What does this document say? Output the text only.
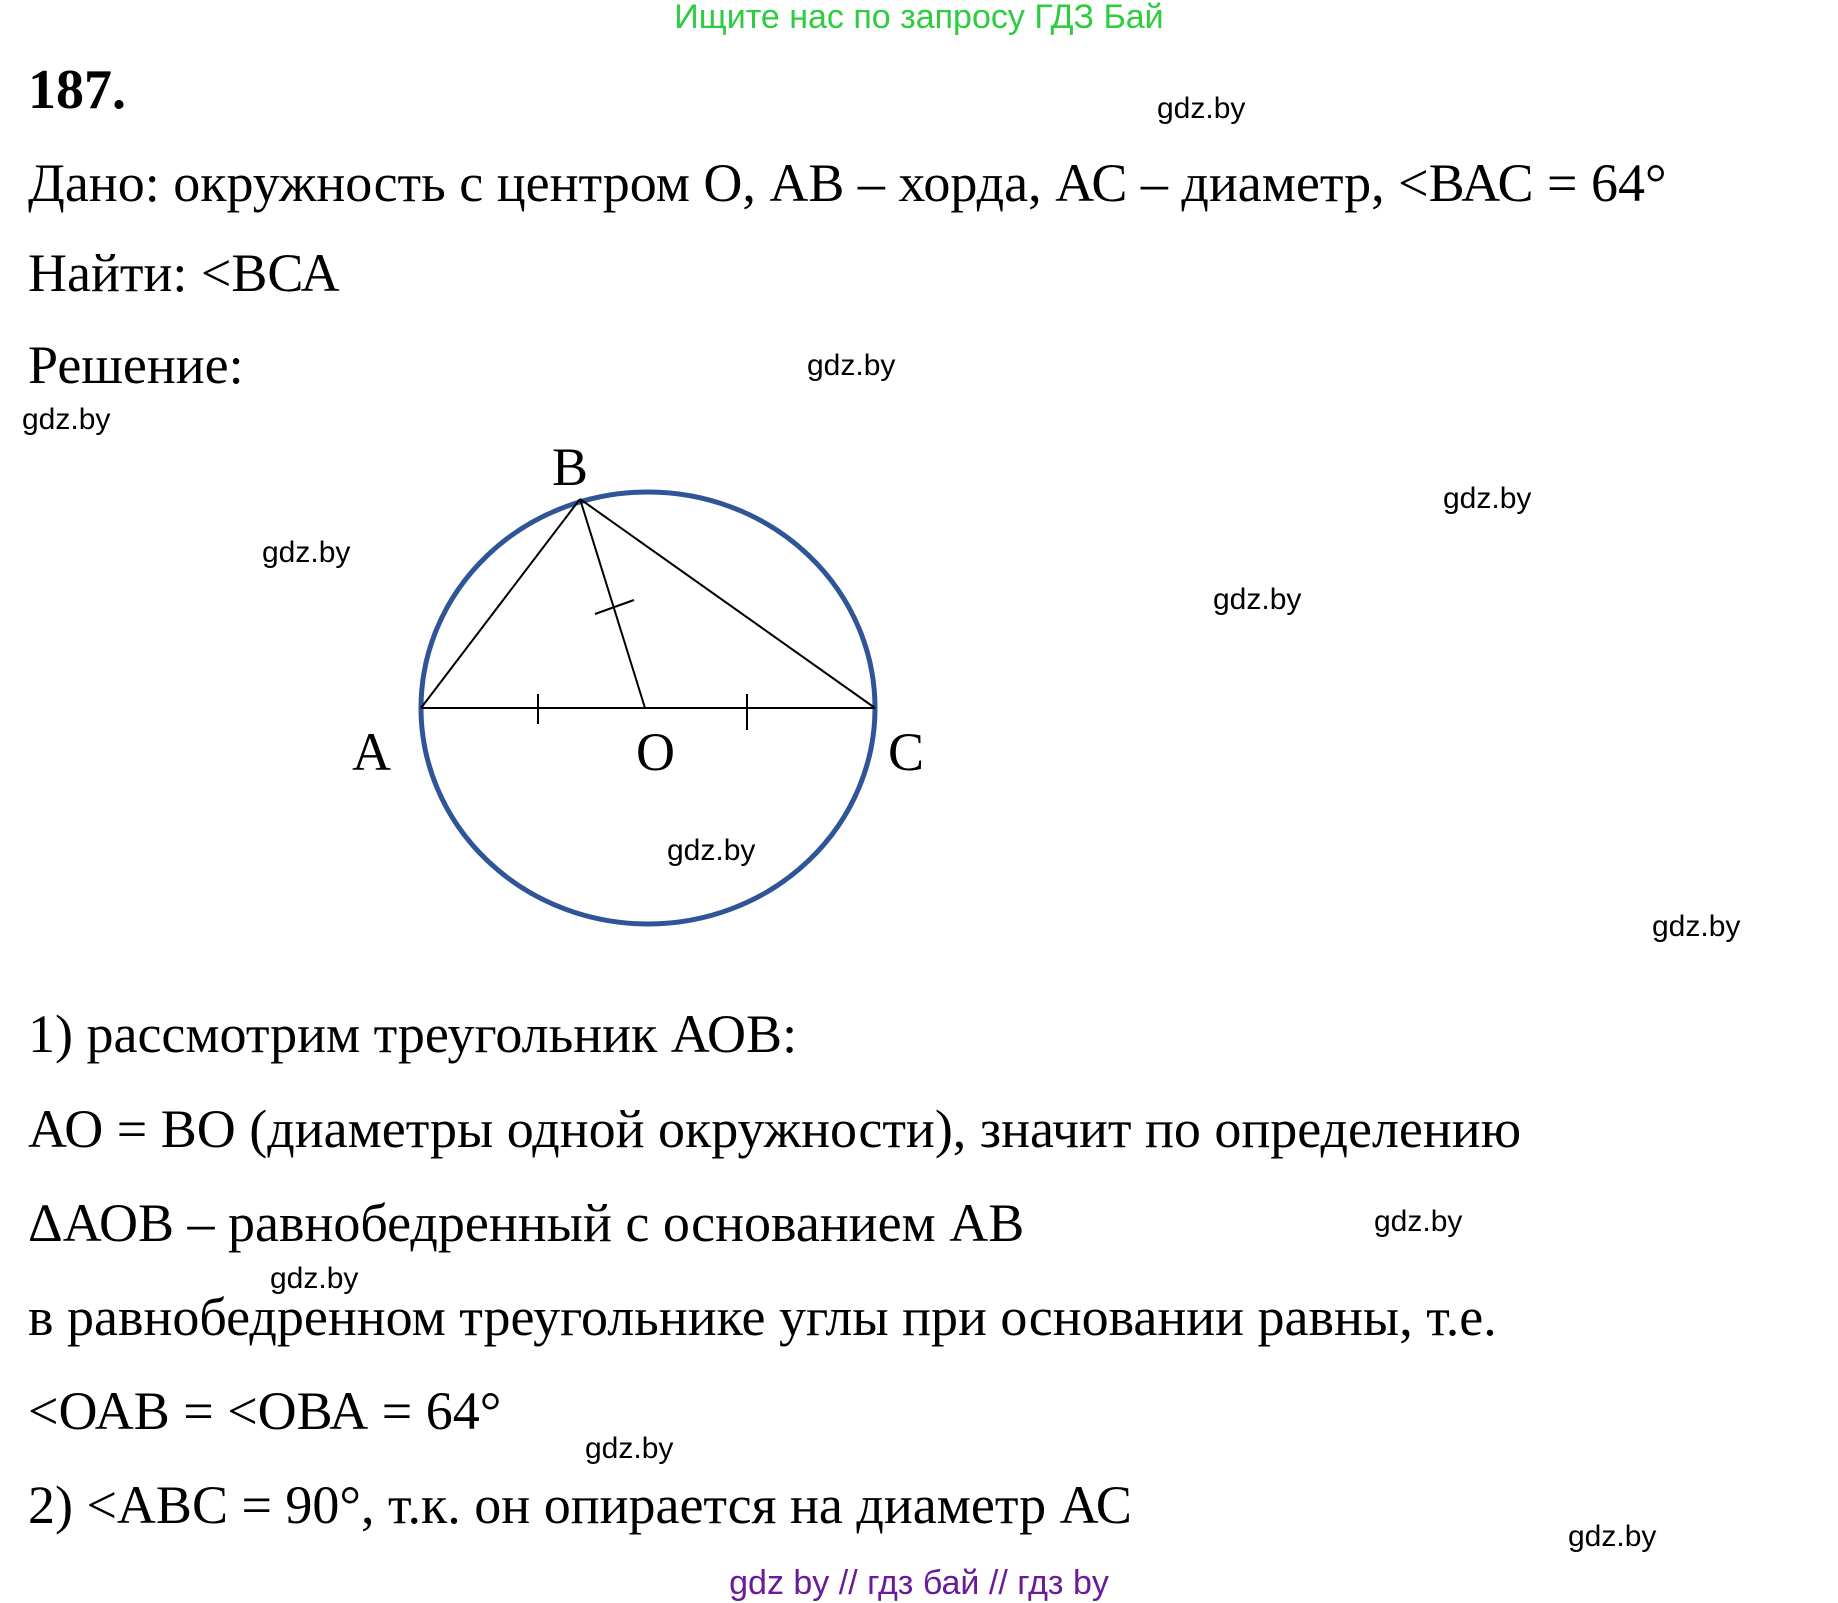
Ищите нас по запросу ГДЗ Бай
187.
Дано: окружность с центром О, АВ – хорда, АС – диаметр, <ВАС = 64°
Найти: <ВСА
Решение:
B
A	O	C
1) рассмотрим треугольник АОВ:
АО = ВО (диаметры одной окружности), значит по определению
ΔАОВ – равнобедренный с основанием АВ
в равнобедренном треугольнике углы при основании равны, т.е.
<ОАВ = <ОВА = 64°
2) <АВС = 90°, т.к. он опирается на диаметр АС
gdz.by
gdz.by
gdz.by
gdz.by
gdz.by
gdz.by
gdz.by
gdz.by
gdz.by
gdz.by
gdz.by
gdz.by
gdz by // гдз бай // гдз by
